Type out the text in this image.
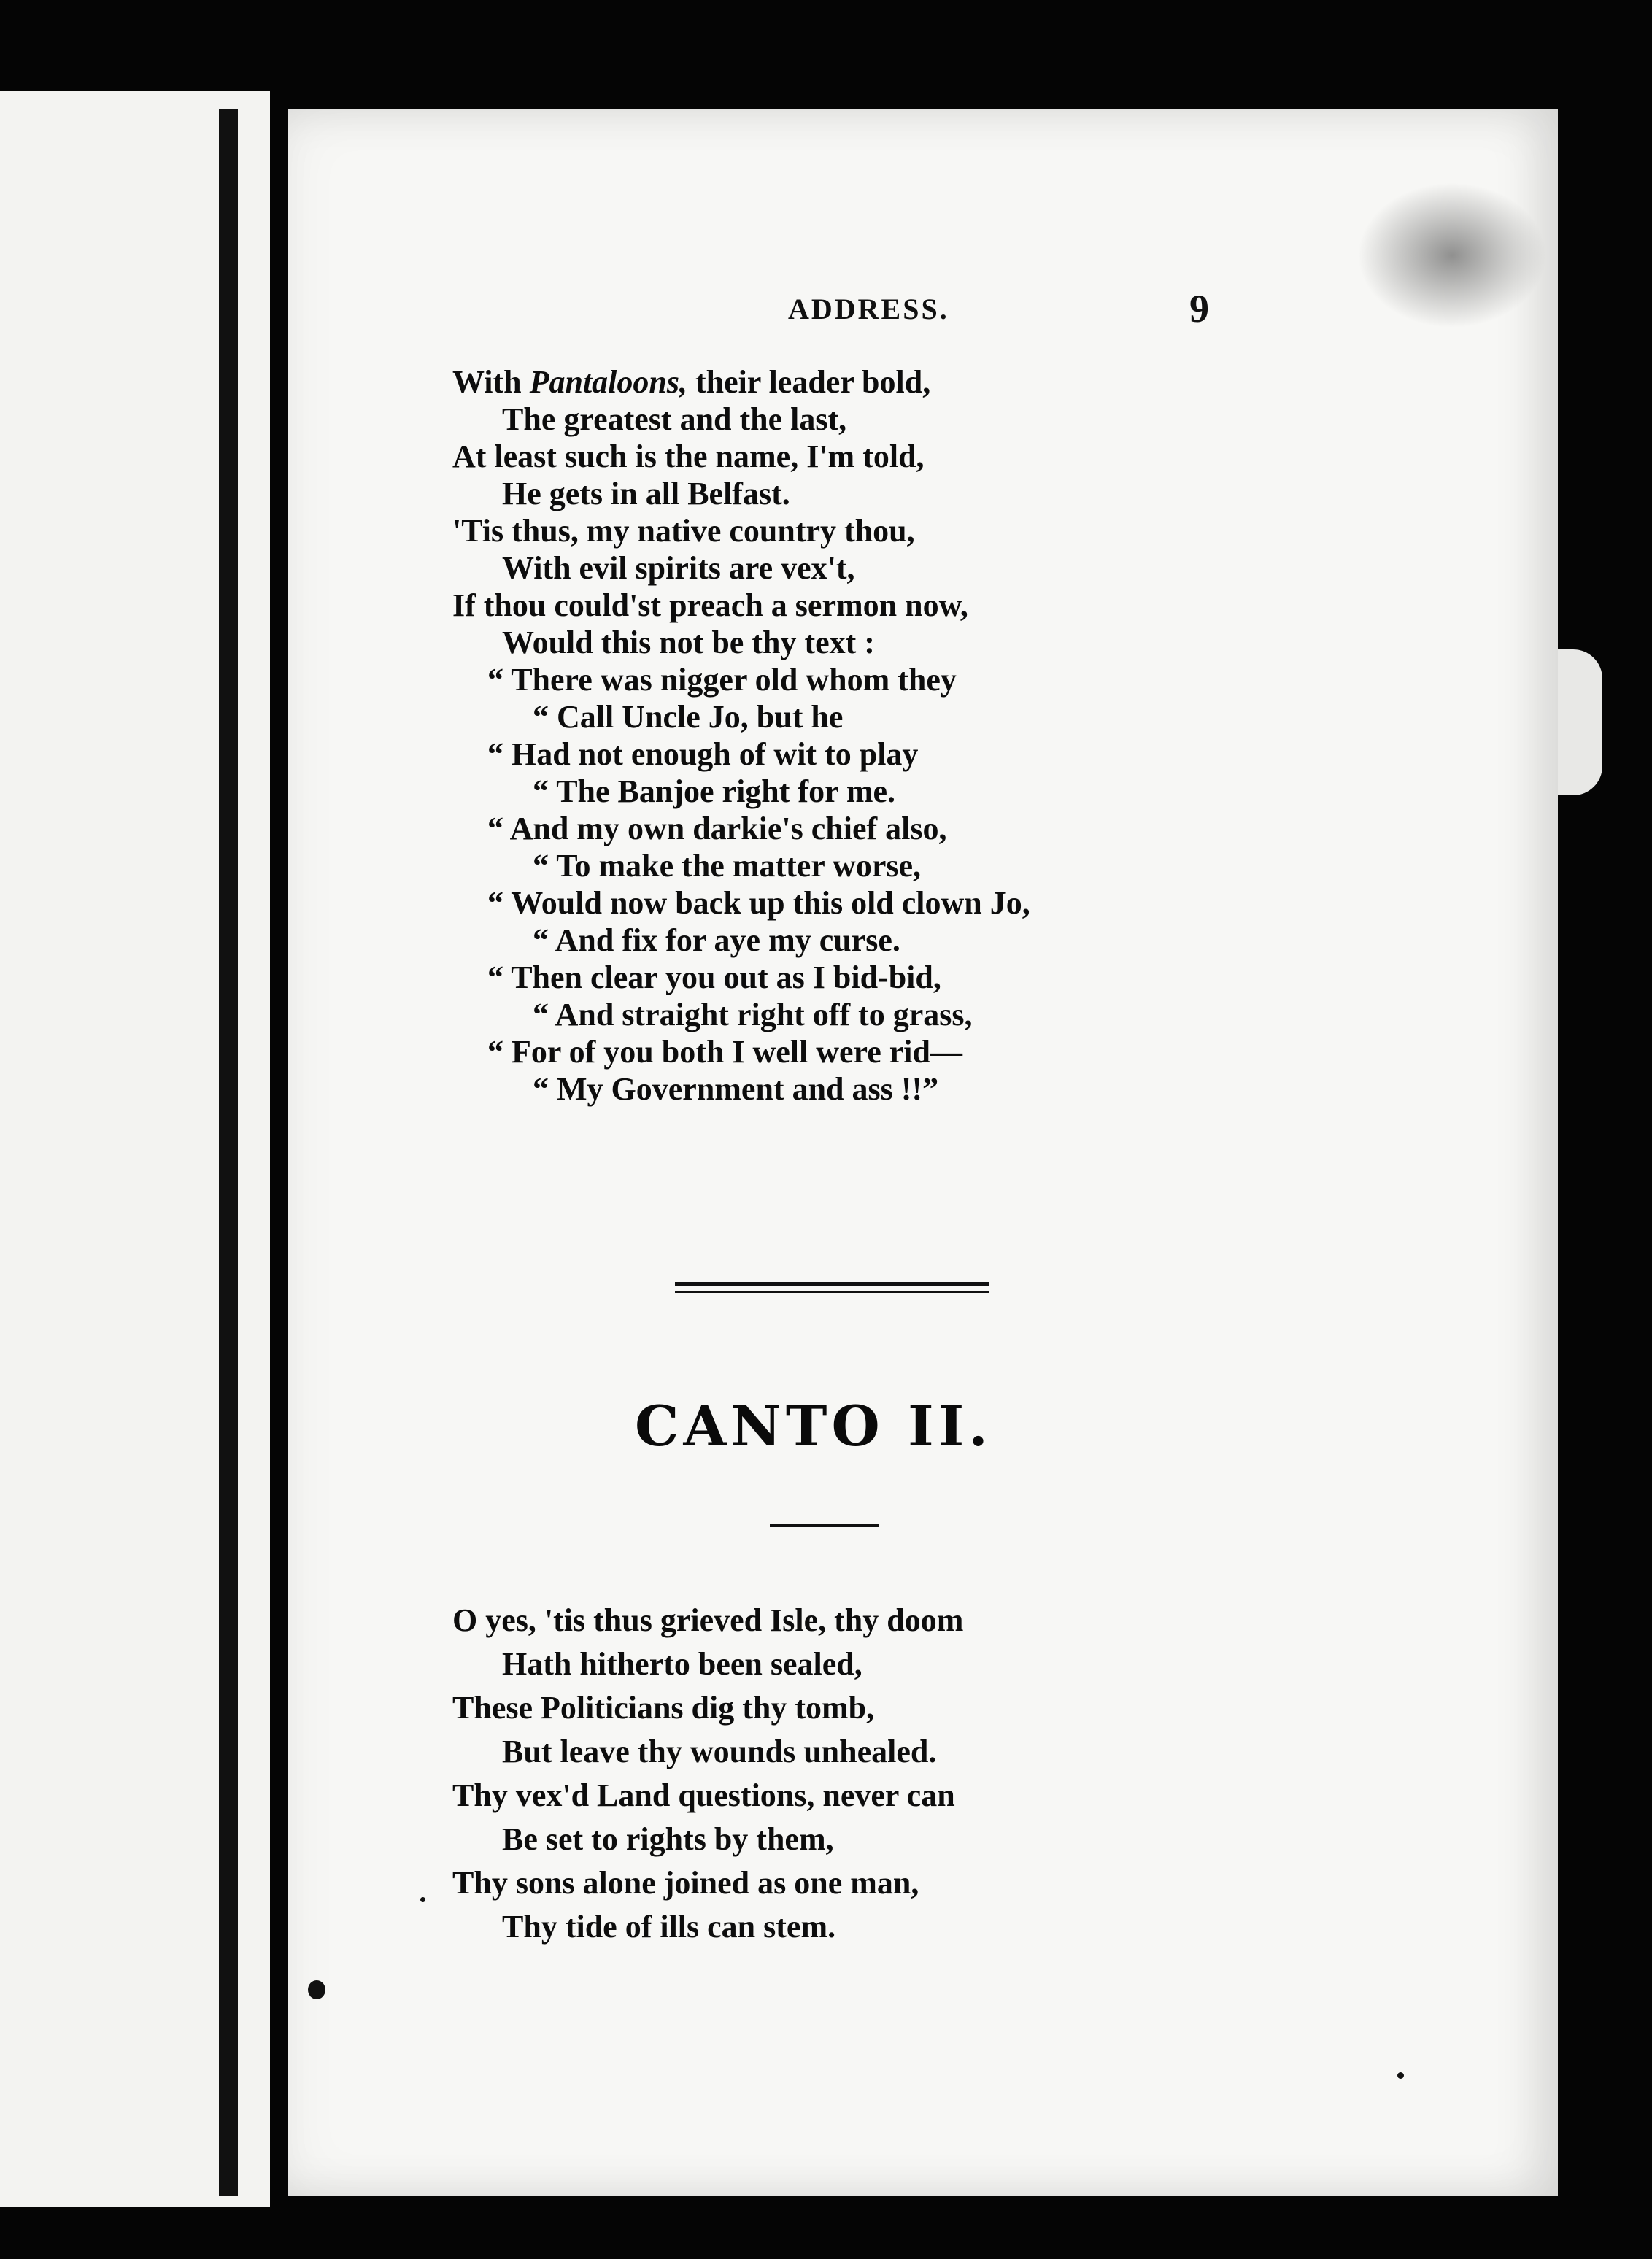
ADDRESS.	9
With Pantaloons, their leader bold,
The greatest and the last,
At least such is the name, I'm told,
He gets in all Belfast.
'Tis thus, my native country thou,
With evil spirits are vex't,
If thou could'st preach a sermon now,
Would this not be thy text :
“ There was nigger old whom they
“ Call Uncle Jo, but he
“ Had not enough of wit to play
“ The Banjoe right for me.
“ And my own darkie's chief also,
“ To make the matter worse,
“ Would now back up this old clown Jo,
“ And fix for aye my curse.
“ Then clear you out as I bid-bid,
“ And straight right off to grass,
“ For of you both I well were rid—
“ My Government and ass !!”
CANTO II.
O yes, 'tis thus grieved Isle, thy doom
Hath hitherto been sealed,
These Politicians dig thy tomb,
But leave thy wounds unhealed.
Thy vex'd Land questions, never can
Be set to rights by them,
Thy sons alone joined as one man,
Thy tide of ills can stem.
